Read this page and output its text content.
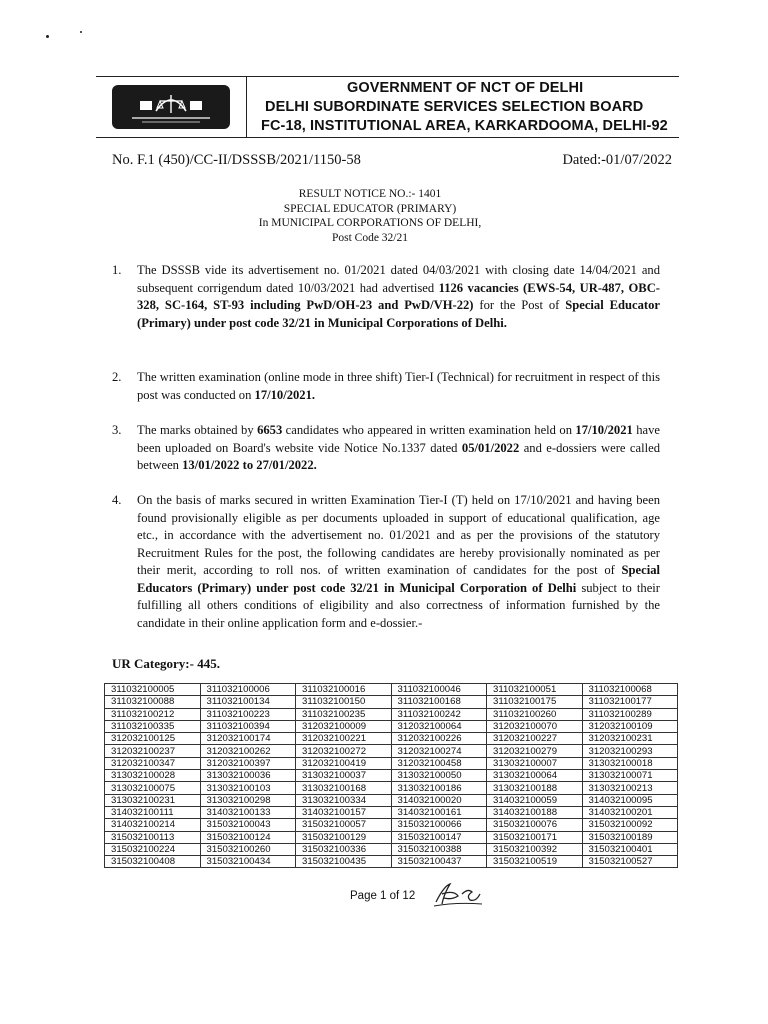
GOVERNMENT OF NCT OF DELHI
DELHI SUBORDINATE SERVICES SELECTION BOARD
FC-18, INSTITUTIONAL AREA, KARKARDOOMA, DELHI-92
No. F.1 (450)/CC-II/DSSSB/2021/1150-58	Dated:-01/07/2022
RESULT NOTICE NO.:- 1401
SPECIAL EDUCATOR (PRIMARY)
In MUNICIPAL CORPORATIONS OF DELHI,
Post Code 32/21
1. The DSSSB vide its advertisement no. 01/2021 dated 04/03/2021 with closing date 14/04/2021 and subsequent corrigendum dated 10/03/2021 had advertised 1126 vacancies (EWS-54, UR-487, OBC-328, SC-164, ST-93 including PwD/OH-23 and PwD/VH-22) for the Post of Special Educator (Primary) under post code 32/21 in Municipal Corporations of Delhi.
2. The written examination (online mode in three shift) Tier-I (Technical) for recruitment in respect of this post was conducted on 17/10/2021.
3. The marks obtained by 6653 candidates who appeared in written examination held on 17/10/2021 have been uploaded on Board's website vide Notice No.1337 dated 05/01/2022 and e-dossiers were called between 13/01/2022 to 27/01/2022.
4. On the basis of marks secured in written Examination Tier-I (T) held on 17/10/2021 and having been found provisionally eligible as per documents uploaded in support of educational qualification, age etc., in accordance with the advertisement no. 01/2021 and as per the provisions of the statutory Recruitment Rules for the post, the following candidates are hereby provisionally nominated as per their merit, according to roll nos. of written examination of candidates for the post of Special Educators (Primary) under post code 32/21 in Municipal Corporation of Delhi subject to their fulfilling all others conditions of eligibility and also correctness of information furnished by the candidate in their online application form and e-dossier.-
UR Category:- 445.
311032100005	311032100006	311032100016	311032100046	311032100051	311032100068
311032100088	311032100134	311032100150	311032100168	311032100175	311032100177
311032100212	311032100223	311032100235	311032100242	311032100260	311032100289
311032100335	311032100394	312032100009	312032100064	312032100070	312032100109
312032100125	312032100174	312032100221	312032100226	312032100227	312032100231
312032100237	312032100262	312032100272	312032100274	312032100279	312032100293
312032100347	312032100397	312032100419	312032100458	313032100007	313032100018
313032100028	313032100036	313032100037	313032100050	313032100064	313032100071
313032100075	313032100103	313032100168	313032100186	313032100188	313032100213
313032100231	313032100298	313032100334	314032100020	314032100059	314032100095
314032100111	314032100133	314032100157	314032100161	314032100188	314032100201
314032100214	315032100043	315032100057	315032100066	315032100076	315032100092
315032100113	315032100124	315032100129	315032100147	315032100171	315032100189
315032100224	315032100260	315032100336	315032100388	315032100392	315032100401
315032100408	315032100434	315032100435	315032100437	315032100519	315032100527
Page 1 of 12
